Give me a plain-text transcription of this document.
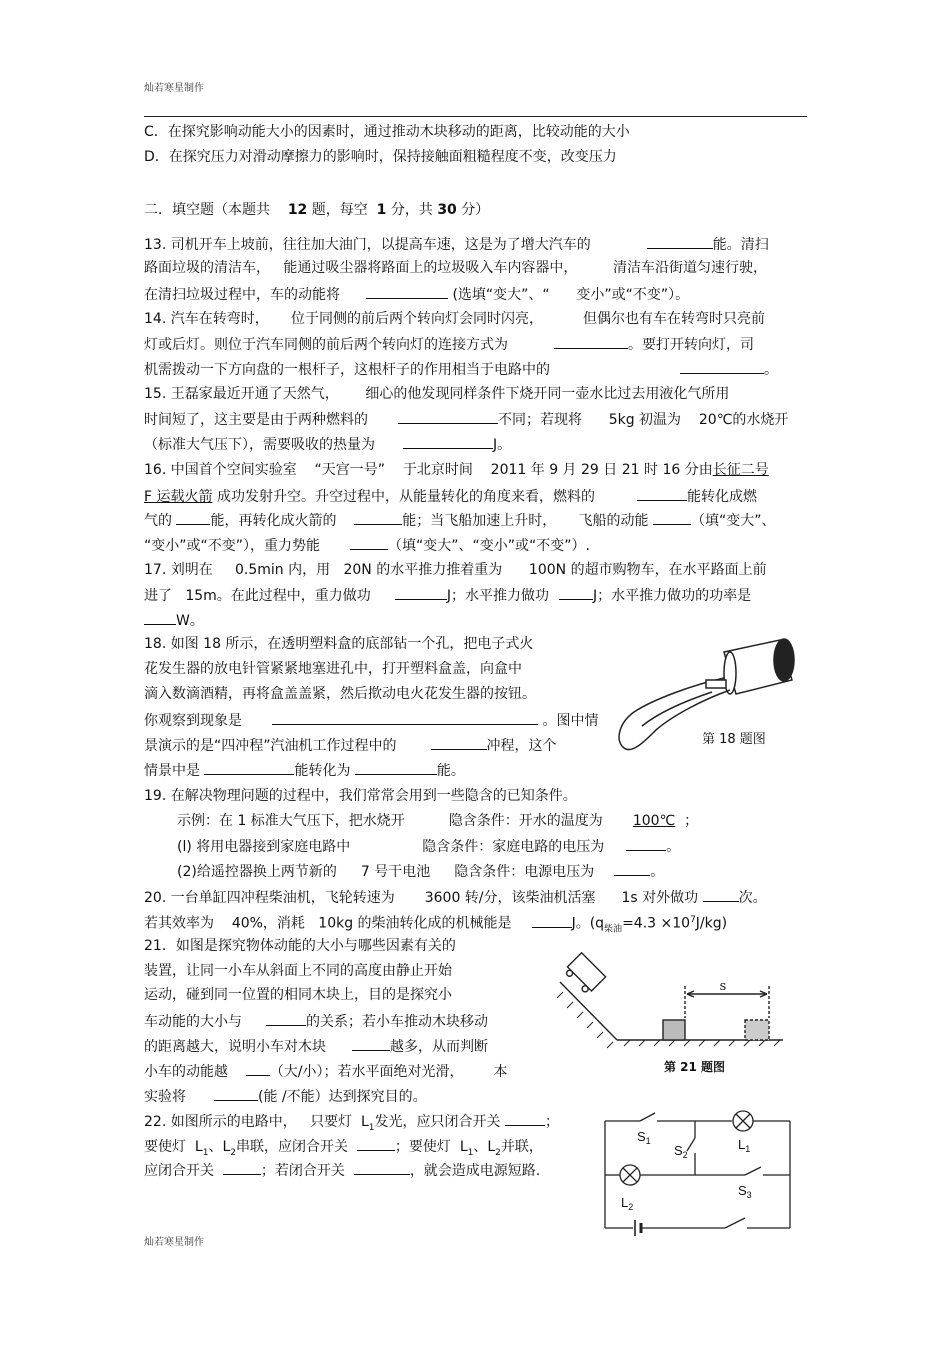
灿若寒星制作
C．在探究影响动能大小的因素时，通过推动木块移动的距离，比较动能的大小
D．在探究压力对滑动摩擦力的影响时，保持接触面粗糙程度不变，改变压力
二．填空题（本题共 12 题，每空 1 分，共 30 分）
13. 司机开车上坡前，往往加大油门，以提高车速，这是为了增大汽车的	能。清扫
路面垃圾的清洁车， 能通过吸尘器将路面上的垃圾吸入车内容器中，	清洁车沿街道匀速行驶，
在清扫垃圾过程中，车的动能将	(选填“变大”、“ 变小”或“不变”）。
14. 汽车在转弯时， 位于同侧的前后两个转向灯会同时闪亮，	但偶尔也有车在转弯时只亮前
灯或后灯。则位于汽车同侧的前后两个转向灯的连接方式为	。要打开转向灯，司
机需拨动一下方向盘的一根杆子，这根杆子的作用相当于电路中的	。
15. 王磊家最近开通了天然气， 细心的他发现同样条件下烧开同一壶水比过去用液化气所用
时间短了，这主要是由于两种燃料的	不同；若现将 5kg 初温为 20℃的水烧开
（标准大气压下），需要吸收的热量为	J。
16. 中国首个空间实验室 “天宫一号” 于北京时间 2011 年 9 月 29 日 21 时 16 分由长征二号
F 运载火箭 成功发射升空。升空过程中，从能量转化的角度来看，燃料的	能转化成燃
气的	能，再转化成火箭的	能；当飞船加速上升时， 飞船的动能	（填“变大”、
“变小”或“不变”），重力势能	（填“变大”、“变小”或“不变”）.
17. 刘明在 0.5min 内，用 20N 的水平推力推着重为 100N 的超市购物车，在水平路面上前
进了 15m。在此过程中，重力做功	J；水平推力做功	J；水平推力做功的功率是
W。
18. 如图 18 所示，在透明塑料盒的底部钻一个孔，把电子式火
花发生器的放电针管紧紧地塞进孔中，打开塑料盒盖，向盒中
滴入数滴酒精，再将盒盖盖紧，然后揿动电火花发生器的按钮。
你观察到现象是	。图中情
景演示的是“四冲程”汽油机工作过程中的	冲程，这个
情景中是	能转化为	能。
第 18 题图
19. 在解决物理问题的过程中，我们常常会用到一些隐含的已知条件。
示例：在 1 标准大气压下，把水烧开	隐含条件：开水的温度为 100℃ ；
(l) 将用电器接到家庭电路中	隐含条件：家庭电路的电压为	。
(2)给遥控器换上两节新的 7 号干电池 隐含条件：电源电压为	。
20. 一台单缸四冲程柴油机，飞轮转速为 3600 转/分，该柴油机活塞 1s 对外做功	次。
若其效率为 40%，消耗 10kg 的柴油转化成的机械能是	J。$(q_{柴油}=4.3 \times 10^7J/kg)$
21．如图是探究物体动能的大小与哪些因素有关的
装置，让同一小车从斜面上不同的高度由静止开始
运动，碰到同一位置的相同木块上，目的是探究小
车动能的大小与	的关系；若小车推动木块移动
的距离越大，说明小车对木块	越多，从而判断
小车的动能越	（大/小）；若水平面绝对光滑， 本
实验将	(能 /不能）达到探究目的。
s
第 21 题图
22. 如图所示的电路中， 只要灯 $L_1$发光，应只闭合开关	；
要使灯 $L_1$、$L_2$串联，应闭合开关	；要使灯 $L_1$、$L_2$并联，
应闭合开关	；若闭合开关	，就会造成电源短路.
$S_1$
$S_2$
$L_1$
$S_3$
$L_2$
灿若寒星制作
